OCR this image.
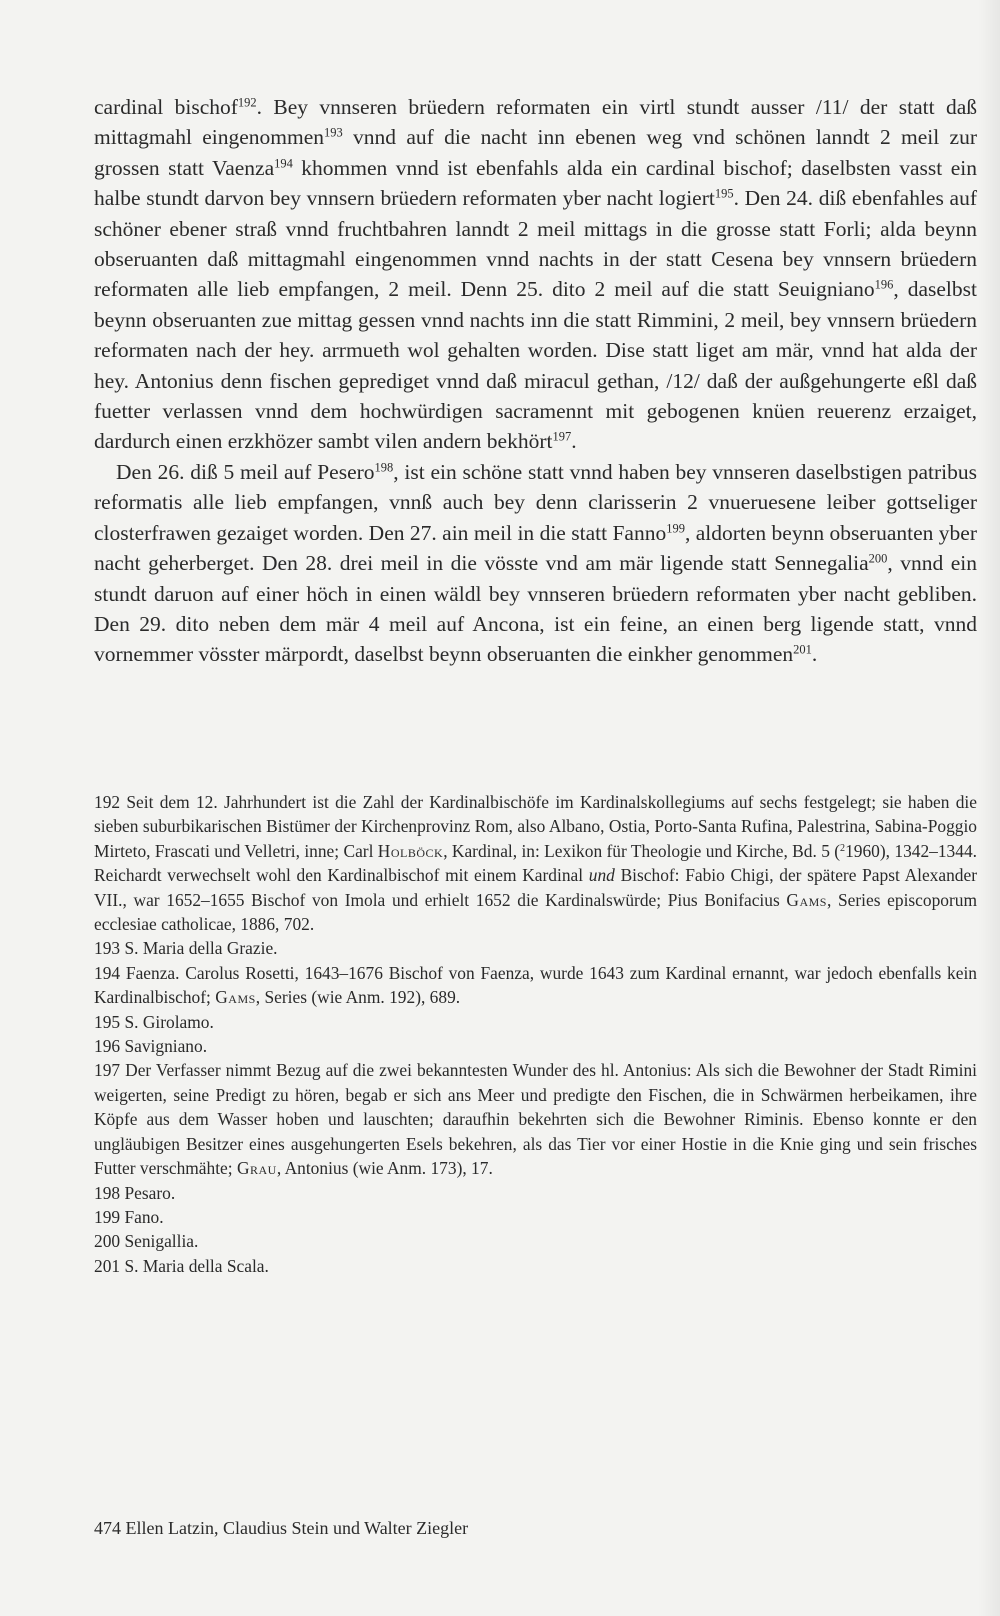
cardinal bischof$^{192}$. Bey vnnseren brüedern reformaten ein virtl stundt ausser /11/ der statt daß mittagmahl eingenommen$^{193}$ vnnd auf die nacht inn ebenen weg vnd schönen lanndt 2 meil zur grossen statt Vaenza$^{194}$ khommen vnnd ist ebenfahls alda ein cardinal bischof; daselbsten vasst ein halbe stundt darvon bey vnnsern brüedern reformaten yber nacht logiert$^{195}$. Den 24. diß ebenfahles auf schöner ebener straß vnnd fruchtbahren lanndt 2 meil mittags in die grosse statt Forli; alda beynn obseruanten daß mittagmahl eingenommen vnnd nachts in der statt Cesena bey vnnsern brüedern reformaten alle lieb empfangen, 2 meil. Denn 25. dito 2 meil auf die statt Seuigniano$^{196}$, daselbst beynn obseruanten zue mittag gessen vnnd nachts inn die statt Rimmini, 2 meil, bey vnnsern brüedern reformaten nach der hey. arrmueth wol gehalten worden. Dise statt liget am mär, vnnd hat alda der hey. Antonius denn fischen geprediget vnnd daß miracul gethan, /12/ daß der außgehungerte eßl daß fuetter verlassen vnnd dem hochwürdigen sacramennt mit gebogenen knüen reuerenz erzaiget, dardurch einen erzkhözer sambt vilen andern bekhört$^{197}$.

Den 26. diß 5 meil auf Pesero$^{198}$, ist ein schöne statt vnnd haben bey vnnseren daselbstigen patribus reformatis alle lieb empfangen, vnnß auch bey denn clarisserin 2 vnueruesene leiber gottseliger closterfrawen gezaiget worden. Den 27. ain meil in die statt Fanno$^{199}$, aldorten beynn obseruanten yber nacht geherberget. Den 28. drei meil in die vösste vnd am mär ligende statt Sennegalia$^{200}$, vnnd ein stundt daruon auf einer höch in einen wäldl bey vnnseren brüedern reformaten yber nacht gebliben. Den 29. dito neben dem mär 4 meil auf Ancona, ist ein feine, an einen berg ligende statt, vnnd vornemmer vösster märpordt, daselbst beynn obseruanten die einkher genommen$^{201}$.

192 Seit dem 12. Jahrhundert ist die Zahl der Kardinalbischöfe im Kardinalskollegiums auf sechs festgelegt; sie haben die sieben suburbikarischen Bistümer der Kirchenprovinz Rom, also Albano, Ostia, Porto-Santa Rufina, Palestrina, Sabina-Poggio Mirteto, Frascati und Velletri, inne; Carl Holböck, Kardinal, in: Lexikon für Theologie und Kirche, Bd. 5 ($^2$1960), 1342–1344. Reichardt verwechselt wohl den Kardinalbischof mit einem Kardinal und Bischof: Fabio Chigi, der spätere Papst Alexander VII., war 1652–1655 Bischof von Imola und erhielt 1652 die Kardinalswürde; Pius Bonifacius Gams, Series episcoporum ecclesiae catholicae, 1886, 702.

193 S. Maria della Grazie.

194 Faenza. Carolus Rosetti, 1643–1676 Bischof von Faenza, wurde 1643 zum Kardinal ernannt, war jedoch ebenfalls kein Kardinalbischof; Gams, Series (wie Anm. 192), 689.

195 S. Girolamo.

196 Savigniano.

197 Der Verfasser nimmt Bezug auf die zwei bekanntesten Wunder des hl. Antonius: Als sich die Bewohner der Stadt Rimini weigerten, seine Predigt zu hören, begab er sich ans Meer und predigte den Fischen, die in Schwärmen herbeikamen, ihre Köpfe aus dem Wasser hoben und lauschten; daraufhin bekehrten sich die Bewohner Riminis. Ebenso konnte er den ungläubigen Besitzer eines ausgehungerten Esels bekehren, als das Tier vor einer Hostie in die Knie ging und sein frisches Futter verschmähte; Grau, Antonius (wie Anm. 173), 17.

198 Pesaro.

199 Fano.

200 Senigallia.

201 S. Maria della Scala.

474 Ellen Latzin, Claudius Stein und Walter Ziegler
